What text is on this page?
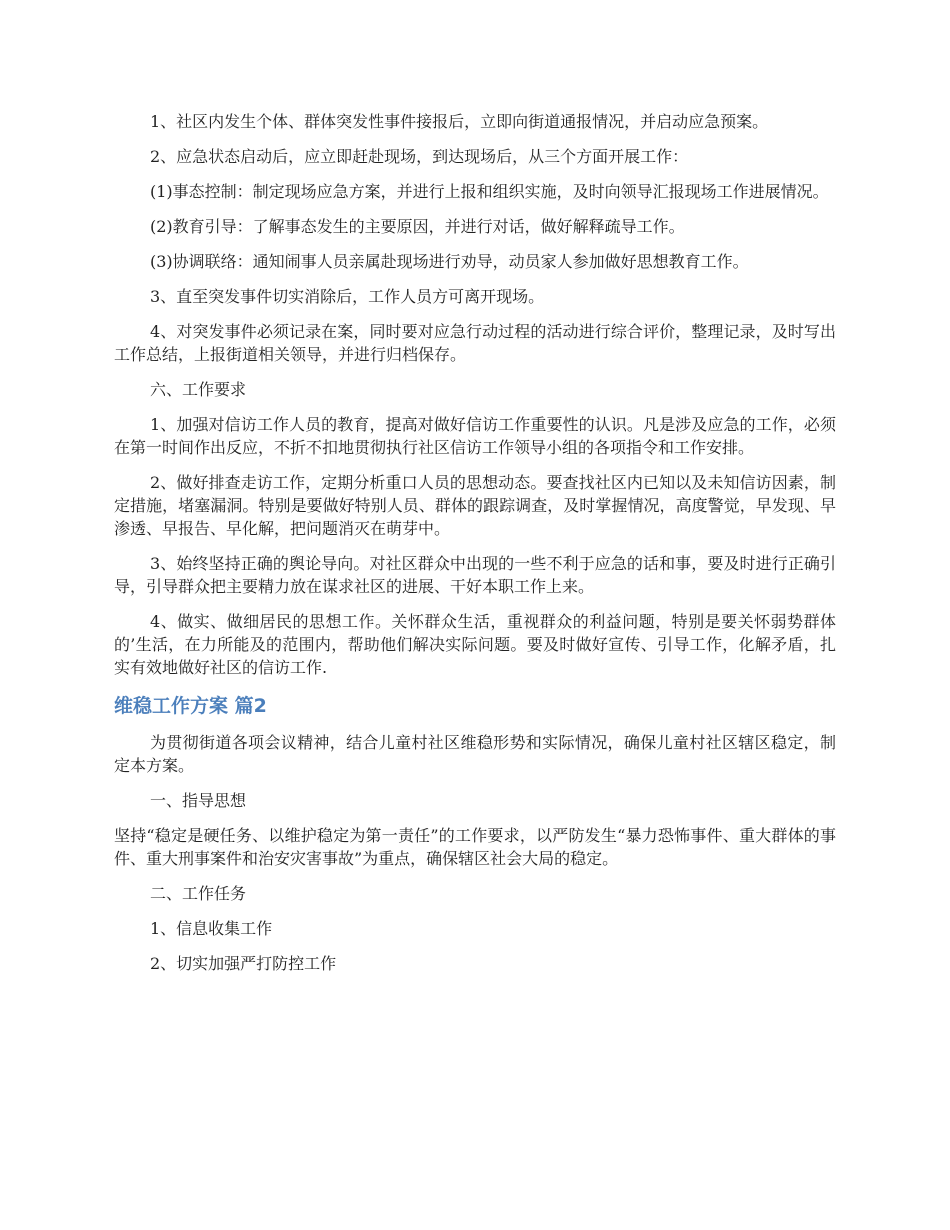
1、社区内发生个体、群体突发性事件接报后，立即向街道通报情况，并启动应急预案。

2、应急状态启动后，应立即赶赴现场，到达现场后，从三个方面开展工作：

(1)事态控制：制定现场应急方案，并进行上报和组织实施，及时向领导汇报现场工作进展情况。

(2)教育引导：了解事态发生的主要原因，并进行对话，做好解释疏导工作。

(3)协调联络：通知闹事人员亲属赴现场进行劝导，动员家人参加做好思想教育工作。

3、直至突发事件切实消除后，工作人员方可离开现场。

4、对突发事件必须记录在案，同时要对应急行动过程的活动进行综合评价，整理记录，及时写出工作总结，上报街道相关领导，并进行归档保存。

六、工作要求

1、加强对信访工作人员的教育，提高对做好信访工作重要性的认识。凡是涉及应急的工作，必须在第一时间作出反应，不折不扣地贯彻执行社区信访工作领导小组的各项指令和工作安排。

2、做好排查走访工作，定期分析重口人员的思想动态。要查找社区内已知以及未知信访因素，制定措施，堵塞漏洞。特别是要做好特别人员、群体的跟踪调查，及时掌握情况，高度警觉，早发现、早渗透、早报告、早化解，把问题消灭在萌芽中。

3、始终坚持正确的舆论导向。对社区群众中出现的一些不利于应急的话和事，要及时进行正确引导，引导群众把主要精力放在谋求社区的进展、干好本职工作上来。

4、做实、做细居民的思想工作。关怀群众生活，重视群众的利益问题，特别是要关怀弱势群体的’生活，在力所能及的范围内，帮助他们解决实际问题。要及时做好宣传、引导工作，化解矛盾，扎实有效地做好社区的信访工作.

维稳工作方案 篇2

为贯彻街道各项会议精神，结合儿童村社区维稳形势和实际情况，确保儿童村社区辖区稳定，制定本方案。

一、指导思想

坚持“稳定是硬任务、以维护稳定为第一责任”的工作要求，以严防发生“暴力恐怖事件、重大群体的事件、重大刑事案件和治安灾害事故”为重点，确保辖区社会大局的稳定。

二、工作任务

1、信息收集工作

2、切实加强严打防控工作
